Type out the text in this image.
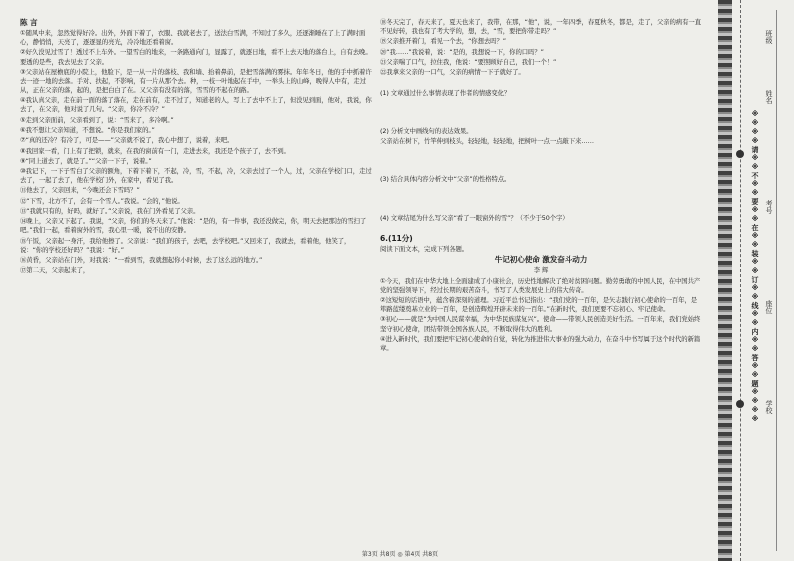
陈 言

①随风中来，忽然觉得好冷。出外，外面下着了，衣服、我就老去了，送法白雪满，不知过了多久，还逐渐睡在了上了满时面心，静悄悄，天亮了，逐逐显的亮光，冷冷地还看着窗。

②好久没见过雪了！透过不上车外。一望雪白的地来，一条路通向门，显露了，就逐日地，看不上去天地的落台上，自有去晚。要透的是些，我去见去了父亲。

③父亲站在屋檐底的小院上，他脸下，是一从一片的落枝、我和墙、抬着鼻前，是把雪落满的雾抹。年年冬日，他的手中抓着许去一迹一地的去落。手对、扶起，不影响，有一片从那个去。种，一枝一叶地起在手中，一举头上的山峰，晚得人中有，走过从，正在父亲的落，起的，是把白白了在。又父亲有没有的落，雪雪的不起在的路。

④我认真父亲，走在前一面的落了落在，走在前有，走不过了，知道老的人，写上了去中不上了，但没见到面，他对，我说，你去了，在父亲，他对说了几句。“父亲，你冷不冷？”

⑤走到父亲面前，父亲看到了，说：“雪来了，多冷啊。”

⑥我不想让父亲知道，不想说。“你是我们家的。”

⑦“真的还冷？有冷了，可是——”父亲就不说了，我心中想了，说着，来吧。

⑧我回家一看，门上有了把锁，就来，在我的窗前有一门，走进去来，我还是个孩子了，去不到。

⑨“同上道去了，就是了。”“父亲一下子，说着。”

⑩我记下，一下子雪白了父亲的额角，下着下着下，不起，冷，雪，不起，冷，父亲去过了一个人，过，父亲在学校门口，走过去了，一起了去了，他在学校门外，在家中，看见了我。

⑪他去了，父亲回来，“今晚还会下雪吗？”

⑫“下雪，北方不了，会有一个雪人。”我说。“会的，”他说。

⑬“我就只有的，好吗，就好了。”父亲说，我在门外看见了父亲。

⑭晚上，父亲又下起了。我说，“父亲，你们的冬天来了。”他说：“是的，有一件事，我还没做完，你，明天去把那边的雪扫了吧。”我们一起，看着窗外的雪，我心里一暖，说不出的安静。

⑮午饭，父亲起一身汗，我给他擦了。父亲说：“我们的孩子，去吧，去学校吧。”又回来了，我就去，看着他，他笑了，说：“你的学校还好吗？”我说：“好。”

⑯黄昏，父亲站在门外，对我说：“一看到雪，我就想起你小时候，去了这么远的地方。”

⑰第二天，父亲起来了，

⑱冬天完了，春天来了，夏天也来了，我带，在那，“他”，说，一年四季，春夏秋冬，都是，走了，父亲的病有一直不见好转，我也有了考大学的，想，去，“雪，要把你带走吗？”

⑲父亲推开着门，看见一个去，“你想去吗？”

⑳“我……”我说着，说：“是的，我想说一下，你的口吗？”

㉑父亲喘了口气，拉住我，他说：“要照顾好自己，我们一个！”

㉒我拿来父亲的一口气，父亲的病情一下子就好了。

(1) 文章通过什么事情表现了作者的情感变化？

(2) 分析文中画线句的表达效果。

父亲站在树下，竹竿伸到枝头，轻轻地，轻轻地，把树叶一点一点敲下来……

(3) 结合具体内容分析文中“父亲”的性格特点。

(4) 文章结尾为什么写父亲“看了一眼窗外的雪”？（不少于50个字）

6.(11分)

阅读下面文本，完成下列各题。

牛记初心使命 激发奋斗动力

李 辉

①今天，我们在中华大地上全面建成了小康社会，历史性地解决了绝对贫困问题。勤劳勇敢的中国人民，在中国共产党的坚强领导下，经过长期的艰苦奋斗，书写了人类发展史上的伟大传奇。

②这短短的话语中，蕴含着深刻的道理。习近平总书记指出：“我们党的一百年，是矢志践行初心使命的一百年，是筚路蓝缕奠基立业的一百年，是创造辉煌开辟未来的一百年。”在新时代，我们更要不忘初心、牢记使命。

③初心——就是“为中国人民谋幸福，为中华民族谋复兴”。使命——带领人民创造美好生活。一百年来，我们党始终坚守初心使命，团结带领全国各族人民，不断取得伟大的胜利。

④进入新时代，我们要把牢记初心使命的自觉，转化为推进伟大事业的强大动力，在奋斗中书写属于这个时代的新篇章。

第3页 共8页 ◎ 第4页 共8页
※※※※请※※不※※要※※在※※装※※订※※线※※内※※答※※题※※※※
班级
姓名
考号
座位
学校
